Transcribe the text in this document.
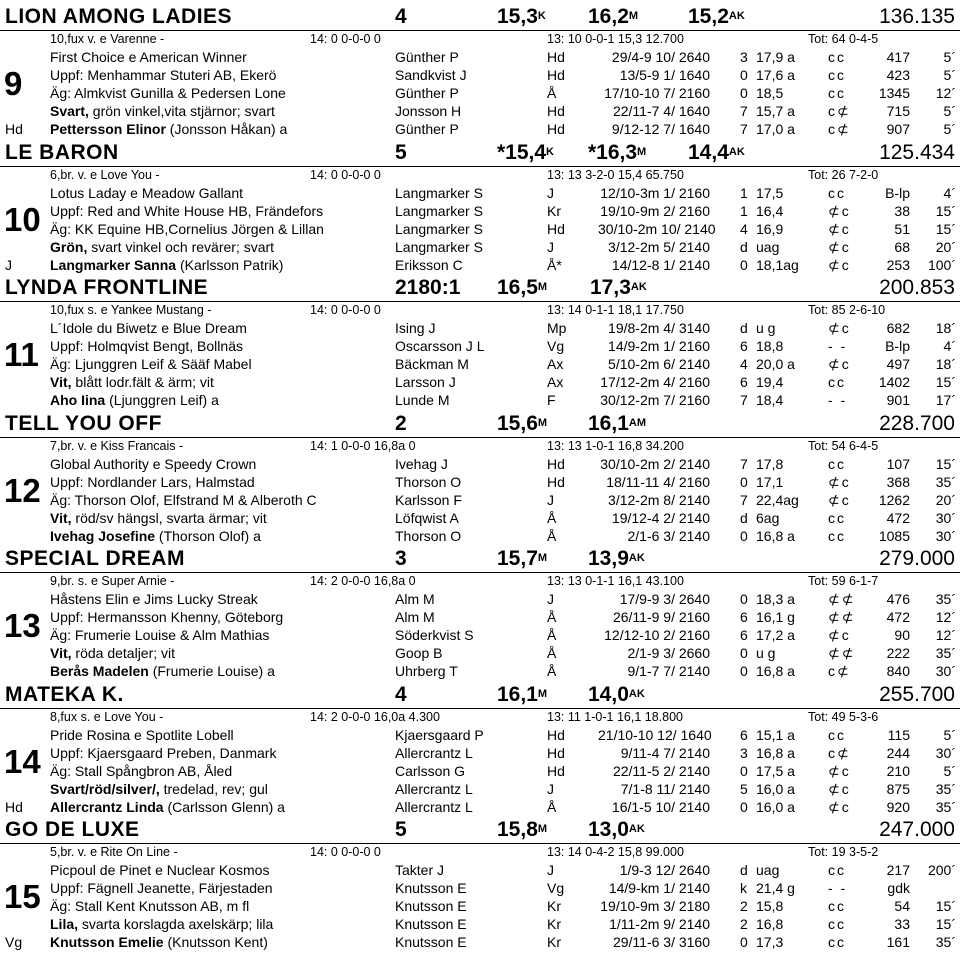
LION AMONG LADIES	4	$15,3^K$ $16,2^M$ $15,2^{AK}$	136.135
10,fux v. e Varenne -	14: 0 0-0-0 0	13: 10 0-0-1 15,3 12.700	Tot: 64 0-4-5
9
Hd
First Choice e American Winner	Günther P	Hd	29/4-9 10/ 2640 3 17,9 a ᴄᴄ	417	5´
Uppf: Menhammar Stuteri AB, Ekerö	Sandkvist J	Hd	13/5-9 1/ 1640 0 17,6 a ᴄᴄ	423	5´
Äg: Almkvist Gunilla & Pedersen Lone	Günther P	Å	17/10-10 7/ 2160 0 18,5	ᴄᴄ	1345	12´
Svart, grön vinkel,vita stjärnor; svart	Jonsson H	Hd	22/11-7 4/ 1640 7 15,7 a ᴄ⊄	715	5´
Pettersson Elinor (Jonsson Håkan) a	Günther P	Hd	9/12-12 7/ 1640 7 17,0 a ᴄ⊄	907	5´
LE BARON	5	$*15,4^K$ $*16,3^M$ $14,4^{AK}$	125.434
6,br. v. e Love You -	14: 0 0-0-0 0	13: 13 3-2-0 15,4 65.750	Tot: 26 7-2-0
10
J
Lotus Laday e Meadow Gallant	Langmarker S	J	12/10-3m 1/ 2160 1 17,5	ᴄᴄ	B-lp	4´
Uppf: Red and White House HB, Frändefors	Langmarker S	Kr	19/10-9m 2/ 2160 1 16,4	⊄ᴄ	38	15´
Äg: KK Equine HB,Cornelius Jörgen & Lillan	Langmarker S	Hd 30/10-2m 10/ 2140 4 16,9	⊄ᴄ	51	15´
Grön, svart vinkel och revärer; svart	Langmarker S	J	3/12-2m 5/ 2140 d uag	⊄ᴄ	68	20´
Langmarker Sanna (Karlsson Patrik)	Eriksson C	Å*	14/12-8 1/ 2140 0 18,1ag ⊄ᴄ	253	100´
LYNDA FRONTLINE	2180:1 $16,5^M$ $17,3^{AK}$	200.853
10,fux s. e Yankee Mustang -	14: 0 0-0-0 0	13: 14 0-1-1 18,1 17.750	Tot: 85 2-6-10
11
L´Idole du Biwetz e Blue Dream	Ising J	Mp	19/8-2m 4/ 3140 d u g	⊄ᴄ	682	18´
Uppf: Holmqvist Bengt, Bollnäs	Oscarsson J L	Vg	14/9-2m 1/ 2160 6 18,8	- -	B-lp	4´
Äg: Ljunggren Leif & Sääf Mabel	Bäckman M	Ax	5/10-2m 6/ 2140 4 20,0 a ⊄ᴄ	497	18´
Vit, blått lodr.fält & ärm; vit	Larsson J	Ax	17/12-2m 4/ 2160 6 19,4	ᴄᴄ	1402	15´
Aho Iina (Ljunggren Leif) a	Lunde M	F	30/12-2m 7/ 2160 7 18,4	- -	901	17´
TELL YOU OFF	2	$15,6^M$ $16,1^{AM}$	228.700
7,br. v. e Kiss Francais -	14: 1 0-0-0 16,8a 0	13: 13 1-0-1 16,8 34.200	Tot: 54 6-4-5
12
Global Authority e Speedy Crown	Ivehag J	Hd	30/10-2m 2/ 2140 7 17,8	ᴄᴄ	107	15´
Uppf: Nordlander Lars, Halmstad	Thorson O	Hd	18/11-11 4/ 2160 0 17,1	⊄ᴄ	368	35´
Äg: Thorson Olof, Elfstrand M & Alberoth C	Karlsson F	J	3/12-2m 8/ 2140 7 22,4ag ⊄ᴄ	1262	20´
Vit, röd/sv hängsl, svarta ärmar; vit	Löfqwist A	Å	19/12-4 2/ 2140 d 6ag	ᴄᴄ	472	30´
Ivehag Josefine (Thorson Olof) a	Thorson O	Å	2/1-6 3/ 2140 0 16,8 a ᴄᴄ	1085	30´
SPECIAL DREAM	3	$15,7^M$ $13,9^{AK}$	279.000
9,br. s. e Super Arnie -	14: 2 0-0-0 16,8a 0	13: 13 0-1-1 16,1 43.100	Tot: 59 6-1-7
13
Håstens Elin e Jims Lucky Streak	Alm M	J	17/9-9 3/ 2640 0 18,3 a ⊄⊄	476	35´
Uppf: Hermansson Khenny, Göteborg	Alm M	Å	26/11-9 9/ 2160 6 16,1 g ⊄⊄	472	12´
Äg: Frumerie Louise & Alm Mathias	Söderkvist S	Å	12/12-10 2/ 2160 6 17,2 a ⊄ᴄ	90	12´
Vit, röda detaljer; vit	Goop B	Å	2/1-9 3/ 2660 0 u g	⊄⊄	222	35´
Berås Madelen (Frumerie Louise) a	Uhrberg T	Å	9/1-7 7/ 2140 0 16,8 a ᴄ⊄	840	30´
MATEKA K.	4	$16,1^M$ $14,0^{AK}$	255.700
8,fux s. e Love You -	14: 2 0-0-0 16,0a 4.300	13: 11 1-0-1 16,1 18.800	Tot: 49 5-3-6
14
Hd
Pride Rosina e Spotlite Lobell	Kjaersgaard P	Hd 21/10-10 12/ 1640 6 15,1 a ᴄᴄ	115	5´
Uppf: Kjaersgaard Preben, Danmark	Allercrantz L	Hd	9/11-4 7/ 2140 3 16,8 a ᴄ⊄	244	30´
Äg: Stall Spångbron AB, Åled	Carlsson G	Hd	22/11-5 2/ 2140 0 17,5 a ⊄ᴄ	210	5´
Svart/röd/silver/, tredelad, rev; gul	Allercrantz L	J	7/1-8 11/ 2140 5 16,0 a ⊄ᴄ	875	35´
Allercrantz Linda (Carlsson Glenn) a	Allercrantz L	Å	16/1-5 10/ 2140 0 16,0 a ⊄ᴄ	920	35´
GO DE LUXE	5	$15,8^M$ $13,0^{AK}$	247.000
5,br. v. e Rite On Line -	14: 0 0-0-0 0	13: 14 0-4-2 15,8 99.000	Tot: 19 3-5-2
15
Vg
Picpoul de Pinet e Nuclear Kosmos	Takter J	J	1/9-3 12/ 2640 d uag	ᴄᴄ	217	200´
Uppf: Fägnell Jeanette, Färjestaden	Knutsson E	Vg	14/9-km 1/ 2140 k 21,4 g - -	gdk
Äg: Stall Kent Knutsson AB, m fl	Knutsson E	Kr	19/10-9m 3/ 2180 2 15,8	ᴄᴄ	54	15´
Lila, svarta korslagda axelskärp; lila	Knutsson E	Kr	1/11-2m 9/ 2140 2 16,8	ᴄᴄ	33	15´
Knutsson Emelie (Knutsson Kent)	Knutsson E	Kr	29/11-6 3/ 3160 0 17,3	ᴄᴄ	161	35´
